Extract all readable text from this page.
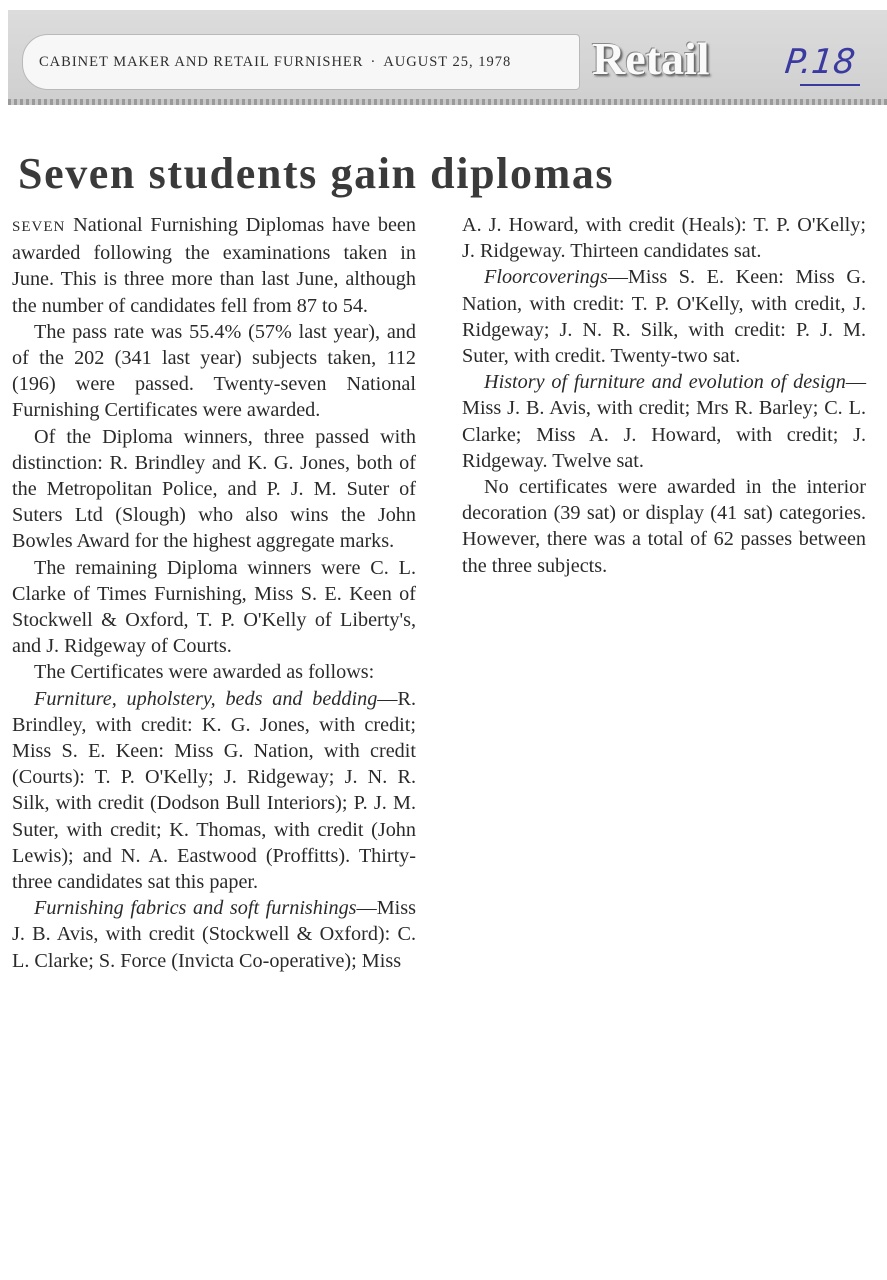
CABINET MAKER AND RETAIL FURNISHER · AUGUST 25, 1978 Retail	P.18
Seven students gain diplomas

SEVEN National Furnishing Diplomas have been awarded following the examinations taken in June. This is three more than last June, although the number of candidates fell from 87 to 54.

The pass rate was 55.4% (57% last year), and of the 202 (341 last year) subjects taken, 112 (196) were passed. Twenty-seven National Furnishing Certificates were awarded.

Of the Diploma winners, three passed with distinction: R. Brindley and K. G. Jones, both of the Metropolitan Police, and P. J. M. Suter of Suters Ltd (Slough) who also wins the John Bowles Award for the highest aggregate marks.

The remaining Diploma winners were C. L. Clarke of Times Furnishing, Miss S. E. Keen of Stockwell & Oxford, T. P. O'Kelly of Liberty's, and J. Ridgeway of Courts.

The Certificates were awarded as follows:

Furniture, upholstery, beds and bedding—R. Brindley, with credit: K. G. Jones, with credit; Miss S. E. Keen: Miss G. Nation, with credit (Courts): T. P. O'Kelly; J. Ridgeway; J. N. R. Silk, with credit (Dodson Bull Interiors); P. J. M. Suter, with credit; K. Thomas, with credit (John Lewis); and N. A. Eastwood (Proffitts). Thirty-three candidates sat this paper.

Furnishing fabrics and soft furnishings—Miss J. B. Avis, with credit (Stockwell & Oxford): C. L. Clarke; S. Force (Invicta Co-operative); Miss

A. J. Howard, with credit (Heals): T. P. O'Kelly; J. Ridgeway. Thirteen candidates sat.

Floorcoverings—Miss S. E. Keen: Miss G. Nation, with credit: T. P. O'Kelly, with credit, J. Ridgeway; J. N. R. Silk, with credit: P. J. M. Suter, with credit. Twenty-two sat.

History of furniture and evolution of design—Miss J. B. Avis, with credit; Mrs R. Barley; C. L. Clarke; Miss A. J. Howard, with credit; J. Ridgeway. Twelve sat.

No certificates were awarded in the interior decoration (39 sat) or display (41 sat) categories. However, there was a total of 62 passes between the three subjects.
